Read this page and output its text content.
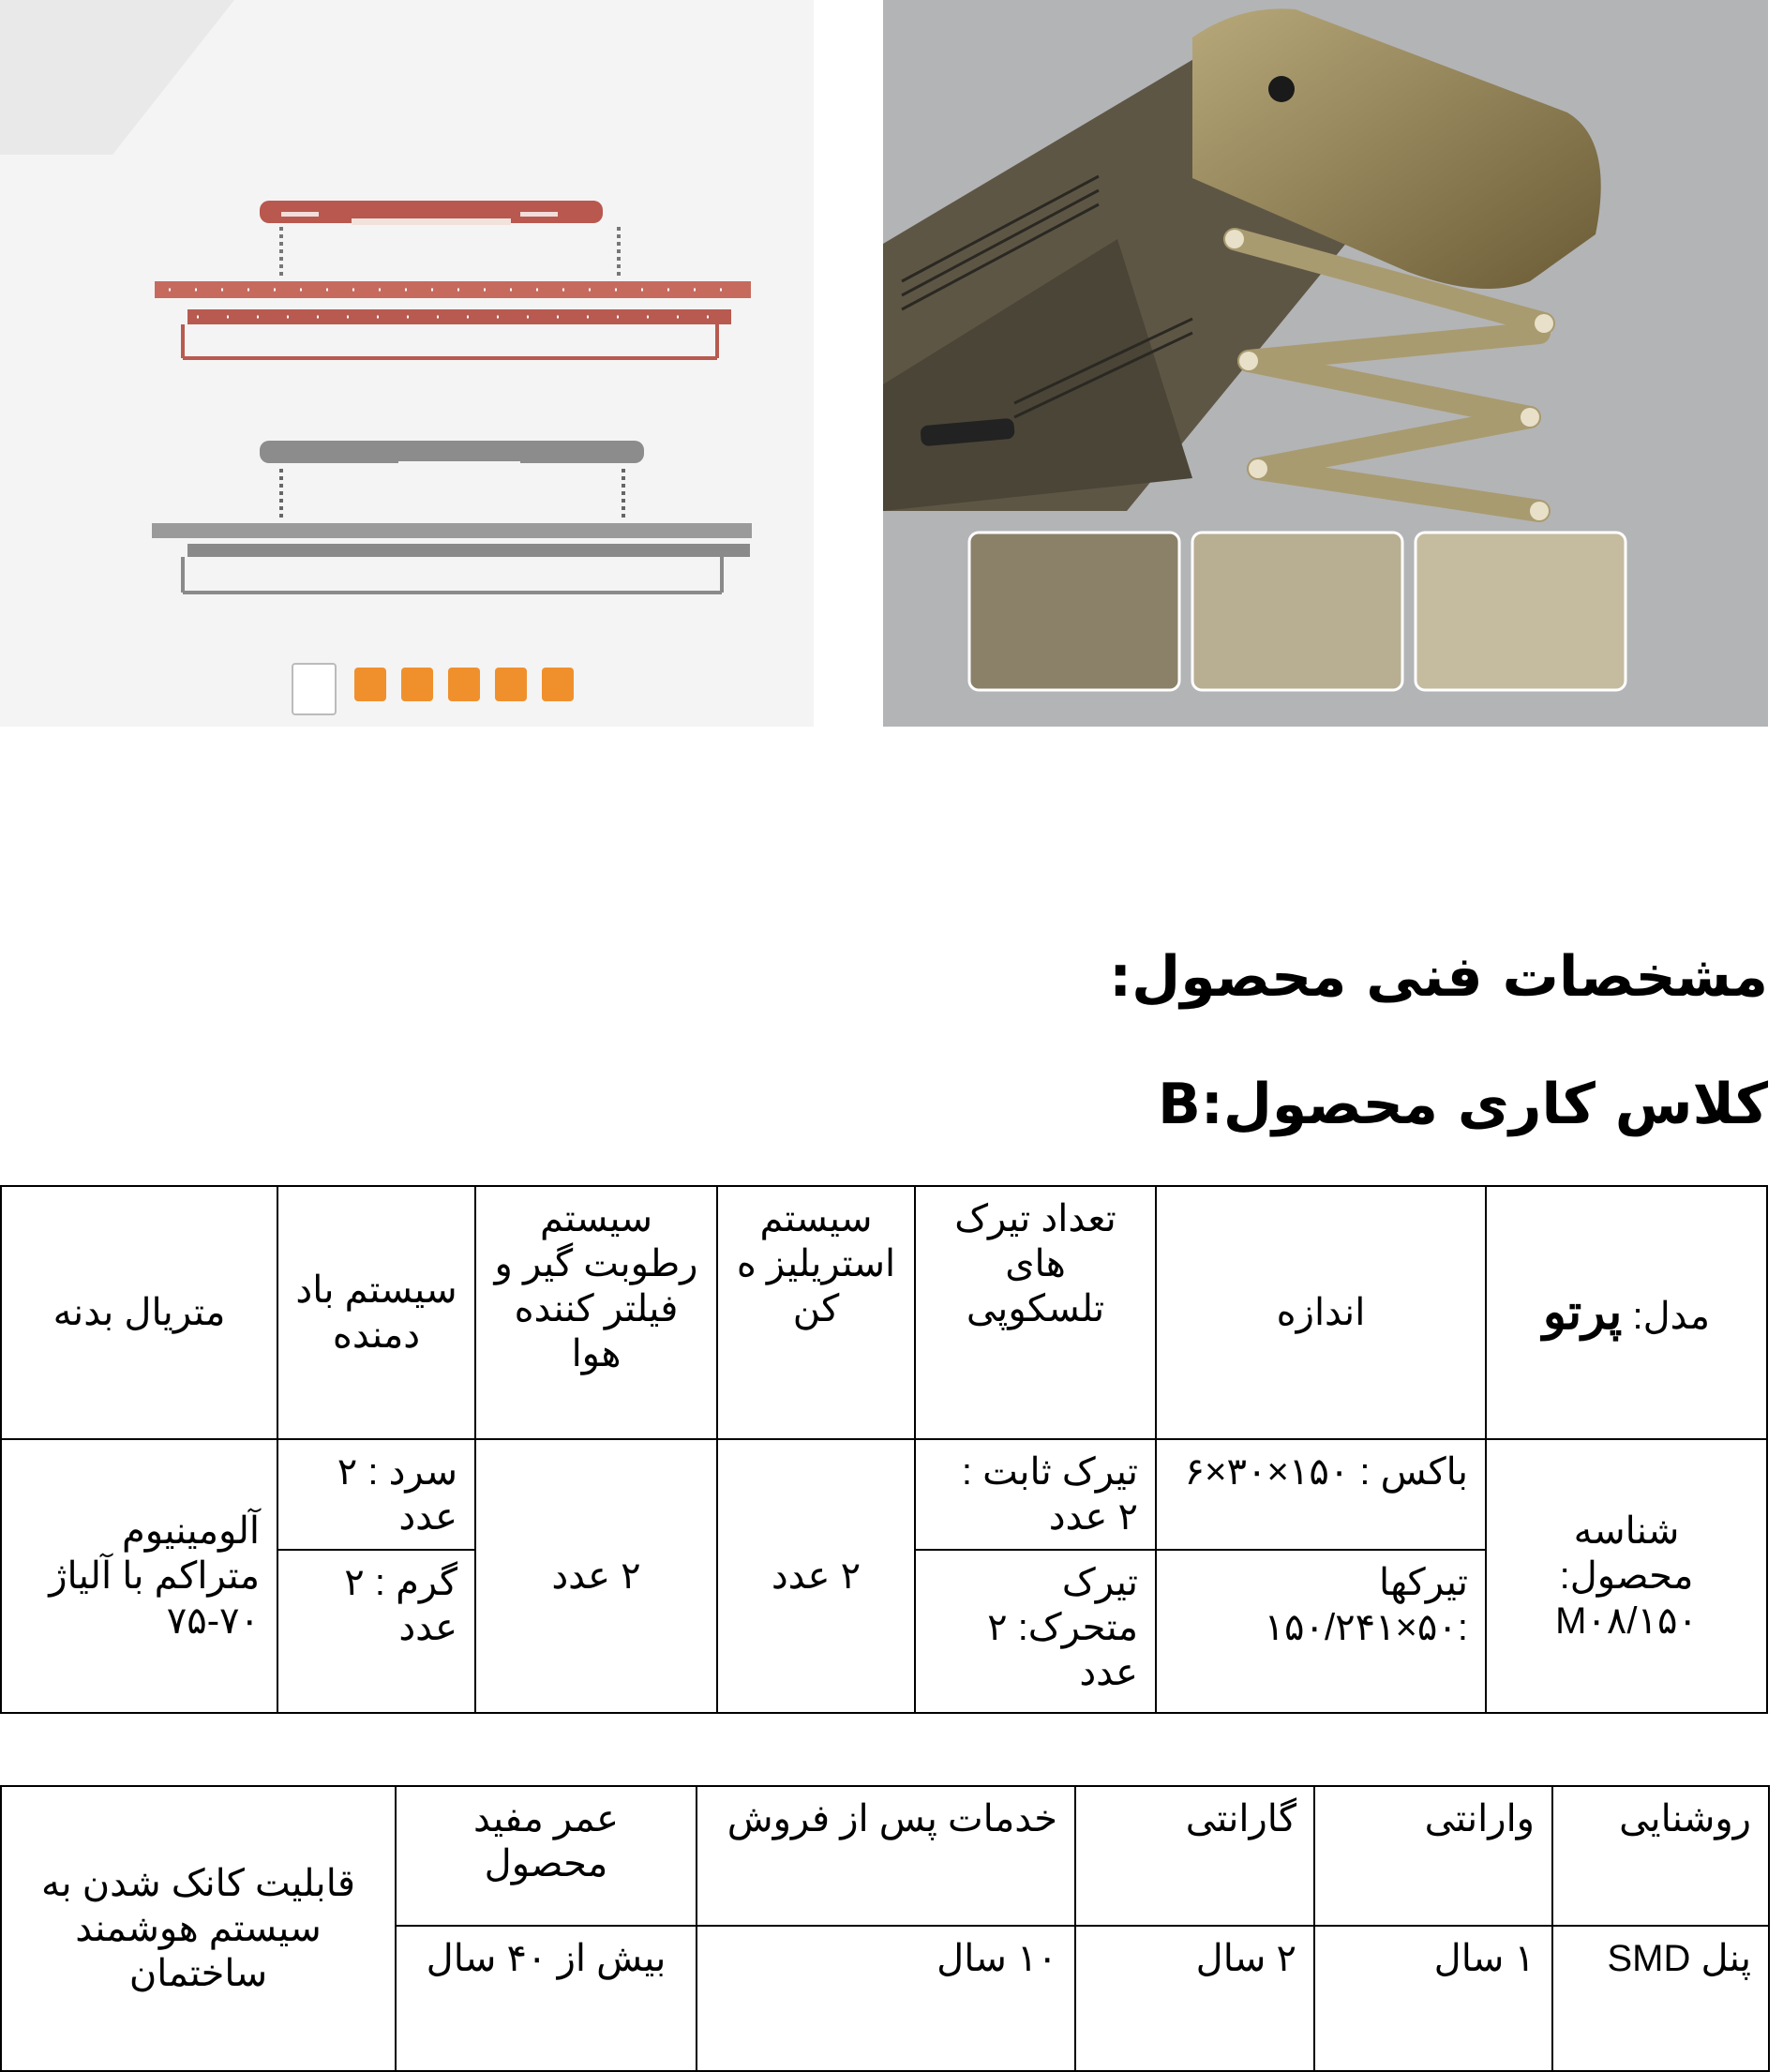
مشخصات فنی محصول:
کلاس کاری محصول:B
مدل: پرتو	اندازه	تعداد تیرک های تلسکوپی	سیستم استریلیز ه کن	سیستم رطوبت گیر و فیلتر کننده هوا	سیستم باد دمنده	متریال بدنه
شناسه محصول: ۱۵۰/M۰۸	باکس : ۱۵۰×۳۰×۶	تیرک ثابت : ۲ عدد	۲ عدد	۲ عدد	سرد : ۲ عدد	آلومینیوم متراکم با آلیاژ ۷۰-۷۵
	تیرکها :۵۰×۱۵۰/۲۴۱	تیرک متحرک: ۲ عدد			گرم : ۲ عدد	
روشنایی	وارانتی	گارانتی	خدمات پس از فروش	عمر مفید محصول	قابلیت کانک شدن به سیستم هوشمند ساختمان
پنل SMD	۱ سال	۲ سال	۱۰ سال	بیش از ۴۰ سال	
